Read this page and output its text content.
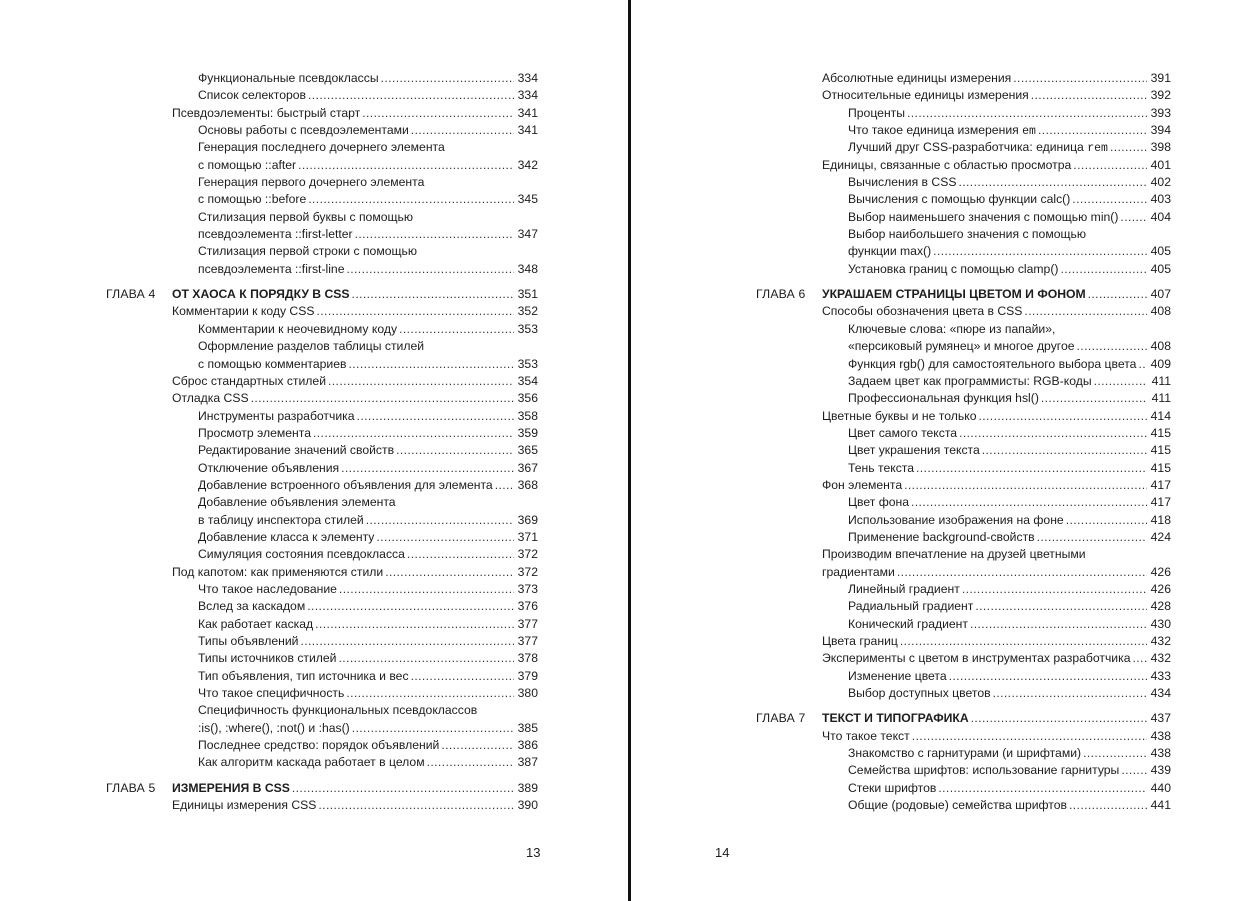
Функциональные псевдоклассы . . .	334
Список селекторов . . .	334
Псевдоэлементы: быстрый старт . . .	341
Основы работы с псевдоэлементами . . .	341
Генерация последнего дочернего элемента
с помощью ::after . . .	342
Генерация первого дочернего элемента
с помощью ::before . . .	345
Стилизация первой буквы с помощью
псевдоэлемента ::first-letter . . .	347
Стилизация первой строки с помощью
псевдоэлемента ::first-line . . .	348
ГЛАВА 4 ОТ ХАОСА К ПОРЯДКУ В CSS . . .	351
Комментарии к коду CSS . . .	352
Комментарии к неочевидному коду . . .	353
Оформление разделов таблицы стилей
с помощью комментариев . . .	353
Сброс стандартных стилей . . .	354
Отладка CSS . . .	356
Инструменты разработчика . . .	358
Просмотр элемента . . .	359
Редактирование значений свойств . . .	365
Отключение объявления . . .	367
Добавление встроенного объявления для элемента . . . 368
Добавление объявления элемента
в таблицу инспектора стилей . . .	369
Добавление класса к элементу . . .	371
Симуляция состояния псевдокласса . . .	372
Под капотом: как применяются стили . . .	372
Что такое наследование . . .	373
Вслед за каскадом . . .	376
Как работает каскад . . .	377
Типы объявлений . . .	377
Типы источников стилей . . .	378
Тип объявления, тип источника и вес . . .	379
Что такое специфичность . . .	380
Специфичность функциональных псевдоклассов
:is(), :where(), :not() и :has() . . .	385
Последнее средство: порядок объявлений . . .	386
Как алгоритм каскада работает в целом . . .	387
ГЛАВА 5 ИЗМЕРЕНИЯ В CSS . . .	389
Единицы измерения CSS . . .	390
13
Абсолютные единицы измерения . . .	391
Относительные единицы измерения . . .	392
Проценты . . .	393
Что такое единица измерения em . . .	394
Лучший друг CSS-разработчика: единица rem . . .	398
Единицы, связанные с областью просмотра . . .	401
Вычисления в CSS . . .	402
Вычисления с помощью функции calc() . . .	403
Выбор наименьшего значения с помощью min() . . .	404
Выбор наибольшего значения с помощью
функции max() . . .	405
Установка границ с помощью clamp() . . .	405
ГЛАВА 6 УКРАШАЕМ СТРАНИЦЫ ЦВЕТОМ И ФОНОМ . . .	407
Способы обозначения цвета в CSS . . .	408
Ключевые слова: «пюре из папайи»,
«персиковый румянец» и многое другое . . .	408
Функция rgb() для самостоятельного выбора цвета . . . 409
Задаем цвет как программисты: RGB-коды . . .	411
Профессиональная функция hsl() . . .	411
Цветные буквы и не только . . .	414
Цвет самого текста . . .	415
Цвет украшения текста . . .	415
Тень текста . . .	415
Фон элемента . . .	417
Цвет фона . . .	417
Использование изображения на фоне . . .	418
Применение background-свойств . . .	424
Производим впечатление на друзей цветными
градиентами . . .	426
Линейный градиент . . .	426
Радиальный градиент . . .	428
Конический градиент . . .	430
Цвета границ . . .	432
Эксперименты с цветом в инструментах разработчика . . . 432
Изменение цвета . . .	433
Выбор доступных цветов . . .	434
ГЛАВА 7 ТЕКСТ И ТИПОГРАФИКА . . .	437
Что такое текст . . .	438
Знакомство с гарнитурами (и шрифтами) . . .	438
Семейства шрифтов: использование гарнитуры . . .	439
Стеки шрифтов . . .	440
Общие (родовые) семейства шрифтов . . .	441
14
